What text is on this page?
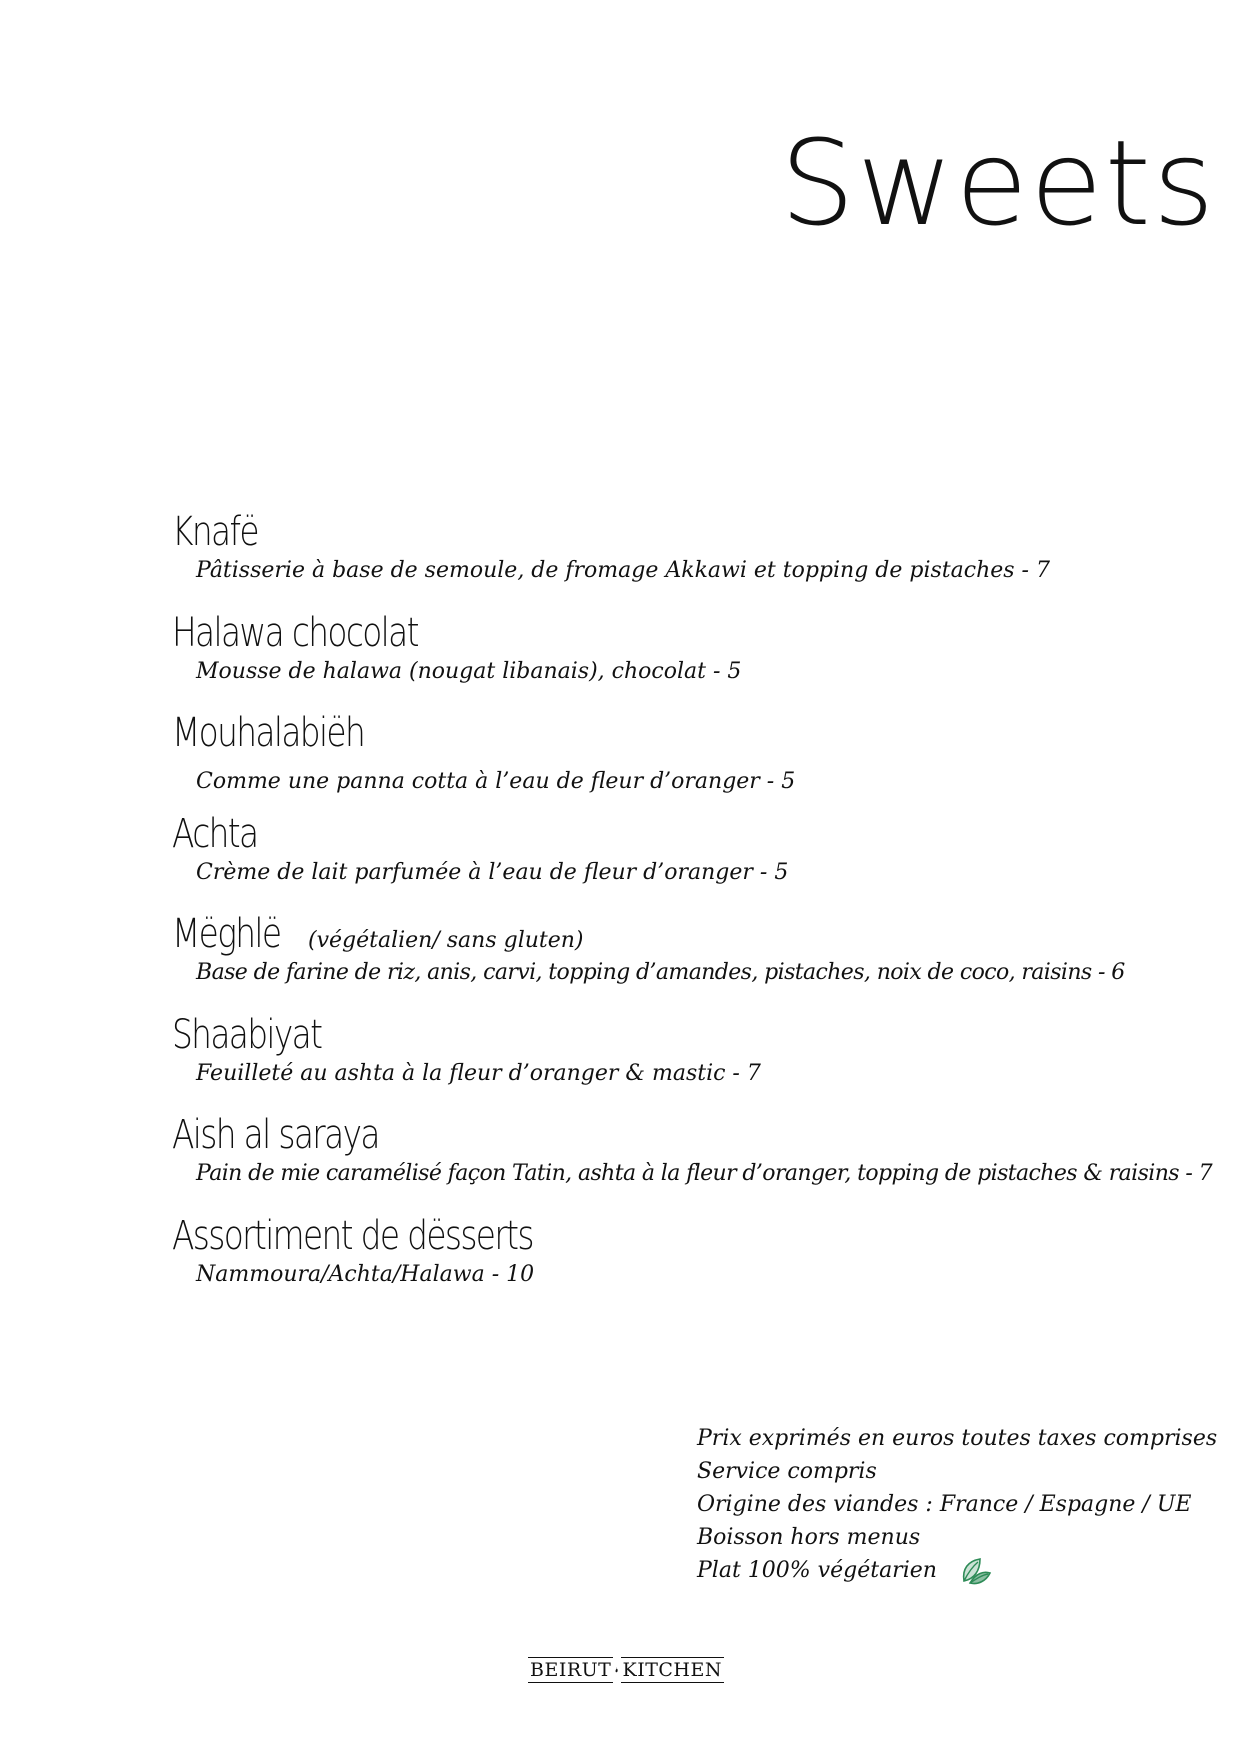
Sweets
Knafë
Pâtisserie à base de semoule, de fromage Akkawi et topping de pistaches - 7
Halawa chocolat
Mousse de halawa (nougat libanais), chocolat - 5
Mouhalabiëh
Comme une panna cotta à l’eau de fleur d’oranger - 5
Achta
Crème de lait parfumée à l’eau de fleur d’oranger - 5
Mëghlë	(végétalien/ sans gluten)
Base de farine de riz, anis, carvi, topping d’amandes, pistaches, noix de coco, raisins - 6
Shaabiyat
Feuilleté au ashta à la fleur d’oranger & mastic - 7
Aish al saraya
Pain de mie caramélisé façon Tatin, ashta à la fleur d’oranger, topping de pistaches & raisins - 7
Assortiment de dësserts
Nammoura/Achta/Halawa - 10
Prix exprimés en euros toutes taxes comprises
Service compris
Origine des viandes : France / Espagne / UE
Boisson hors menus
Plat 100% végétarien
BEIRUT KITCHEN
